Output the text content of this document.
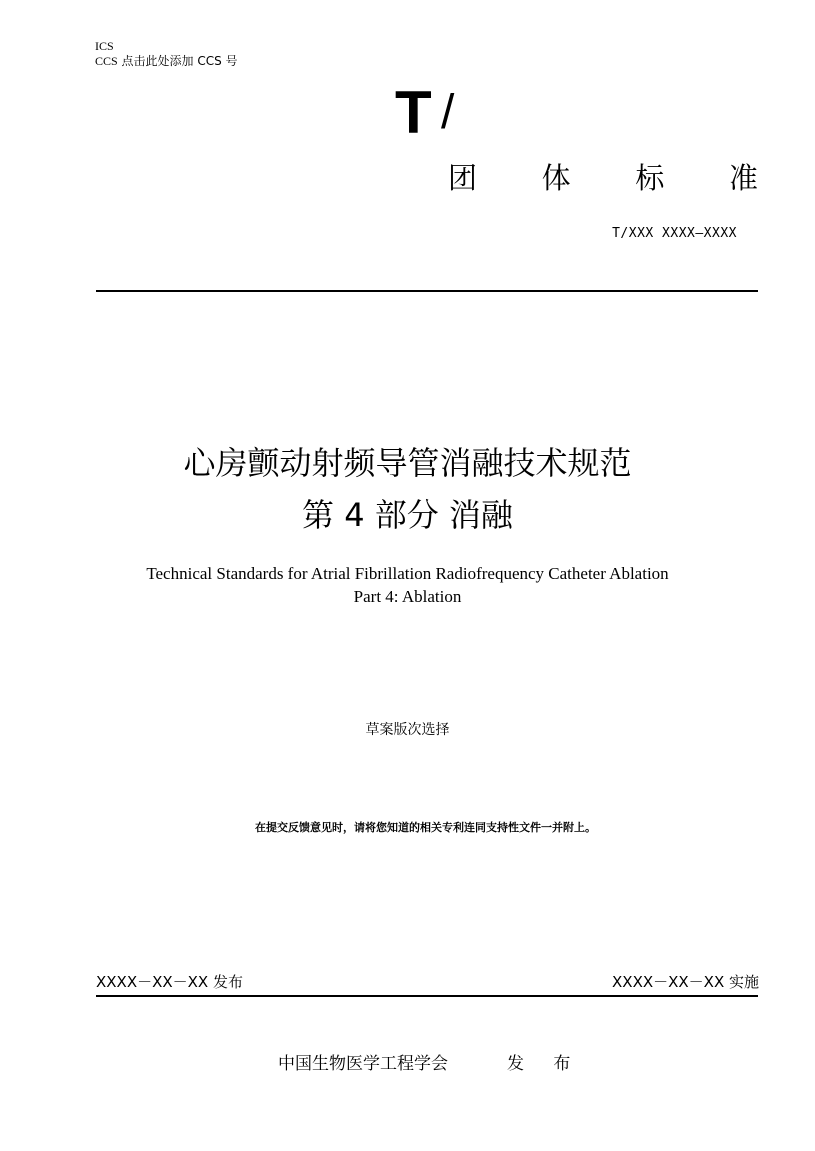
ICS
CCS 点击此处添加 CCS 号
T /
团 体 标 准
T/XXX XXXX—XXXX
心房颤动射频导管消融技术规范
第 4 部分 消融
Technical Standards for Atrial Fibrillation Radiofrequency Catheter Ablation
Part 4: Ablation
草案版次选择
在提交反馈意见时，请将您知道的相关专利连同支持性文件一并附上。
XXXX－XX－XX 发布	XXXX－XX－XX 实施
中国生物医学工程学会	发 布
